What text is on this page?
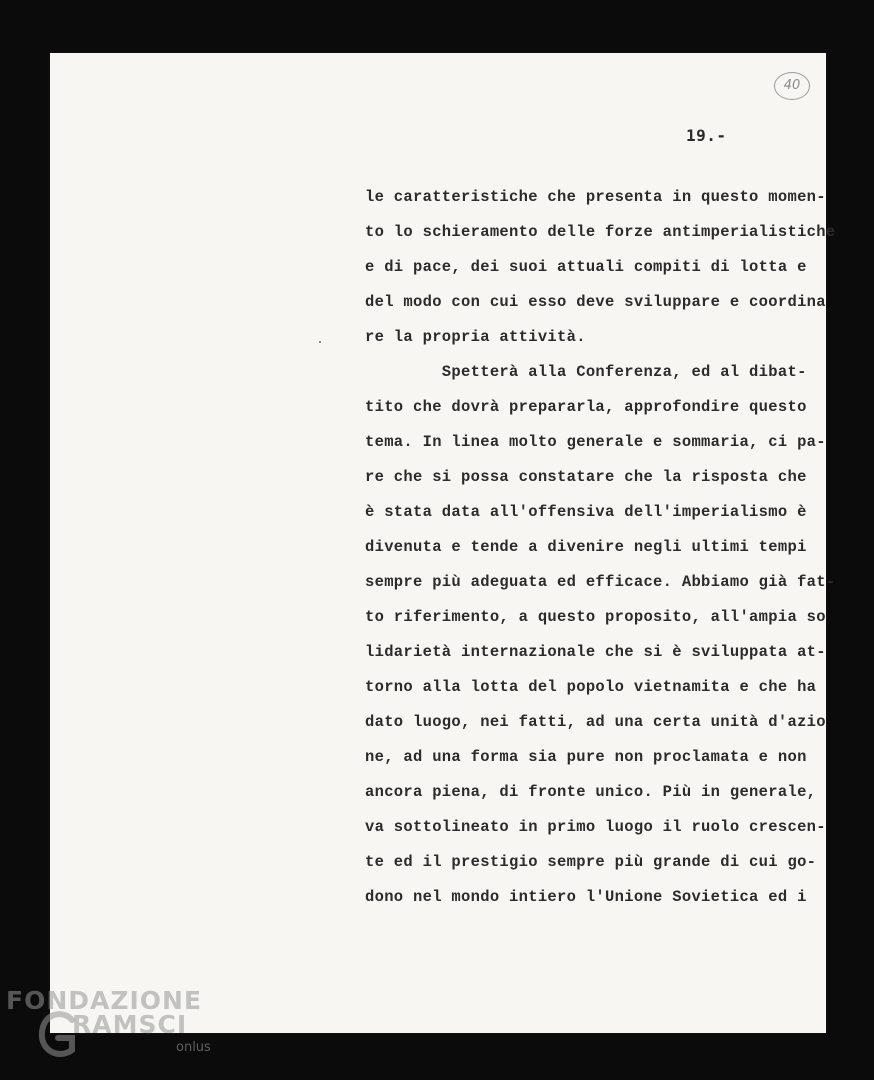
40
19.-
le caratteristiche che presenta in questo momen-
to lo schieramento delle forze antimperialistiche
e di pace, dei suoi attuali compiti di lotta e
del modo con cui esso deve sviluppare e coordina
re la propria attività.
Spetterà alla Conferenza, ed al dibat-
tito che dovrà prepararla, approfondire questo
tema. In linea molto generale e sommaria, ci pa-
re che si possa constatare che la risposta che
è stata data all'offensiva dell'imperialismo è
divenuta e tende a divenire negli ultimi tempi
sempre più adeguata ed efficace. Abbiamo già fat-
to riferimento, a questo proposito, all'ampia so
lidarietà internazionale che si è sviluppata at-
torno alla lotta del popolo vietnamita e che ha
dato luogo, nei fatti, ad una certa unità d'azio
ne, ad una forma sia pure non proclamata e non
ancora piena, di fronte unico. Più in generale,
va sottolineato in primo luogo il ruolo crescen-
te ed il prestigio sempre più grande di cui go-
dono nel mondo intiero l'Unione Sovietica ed i
FONDAZIONE
RAMSCI
onlus
